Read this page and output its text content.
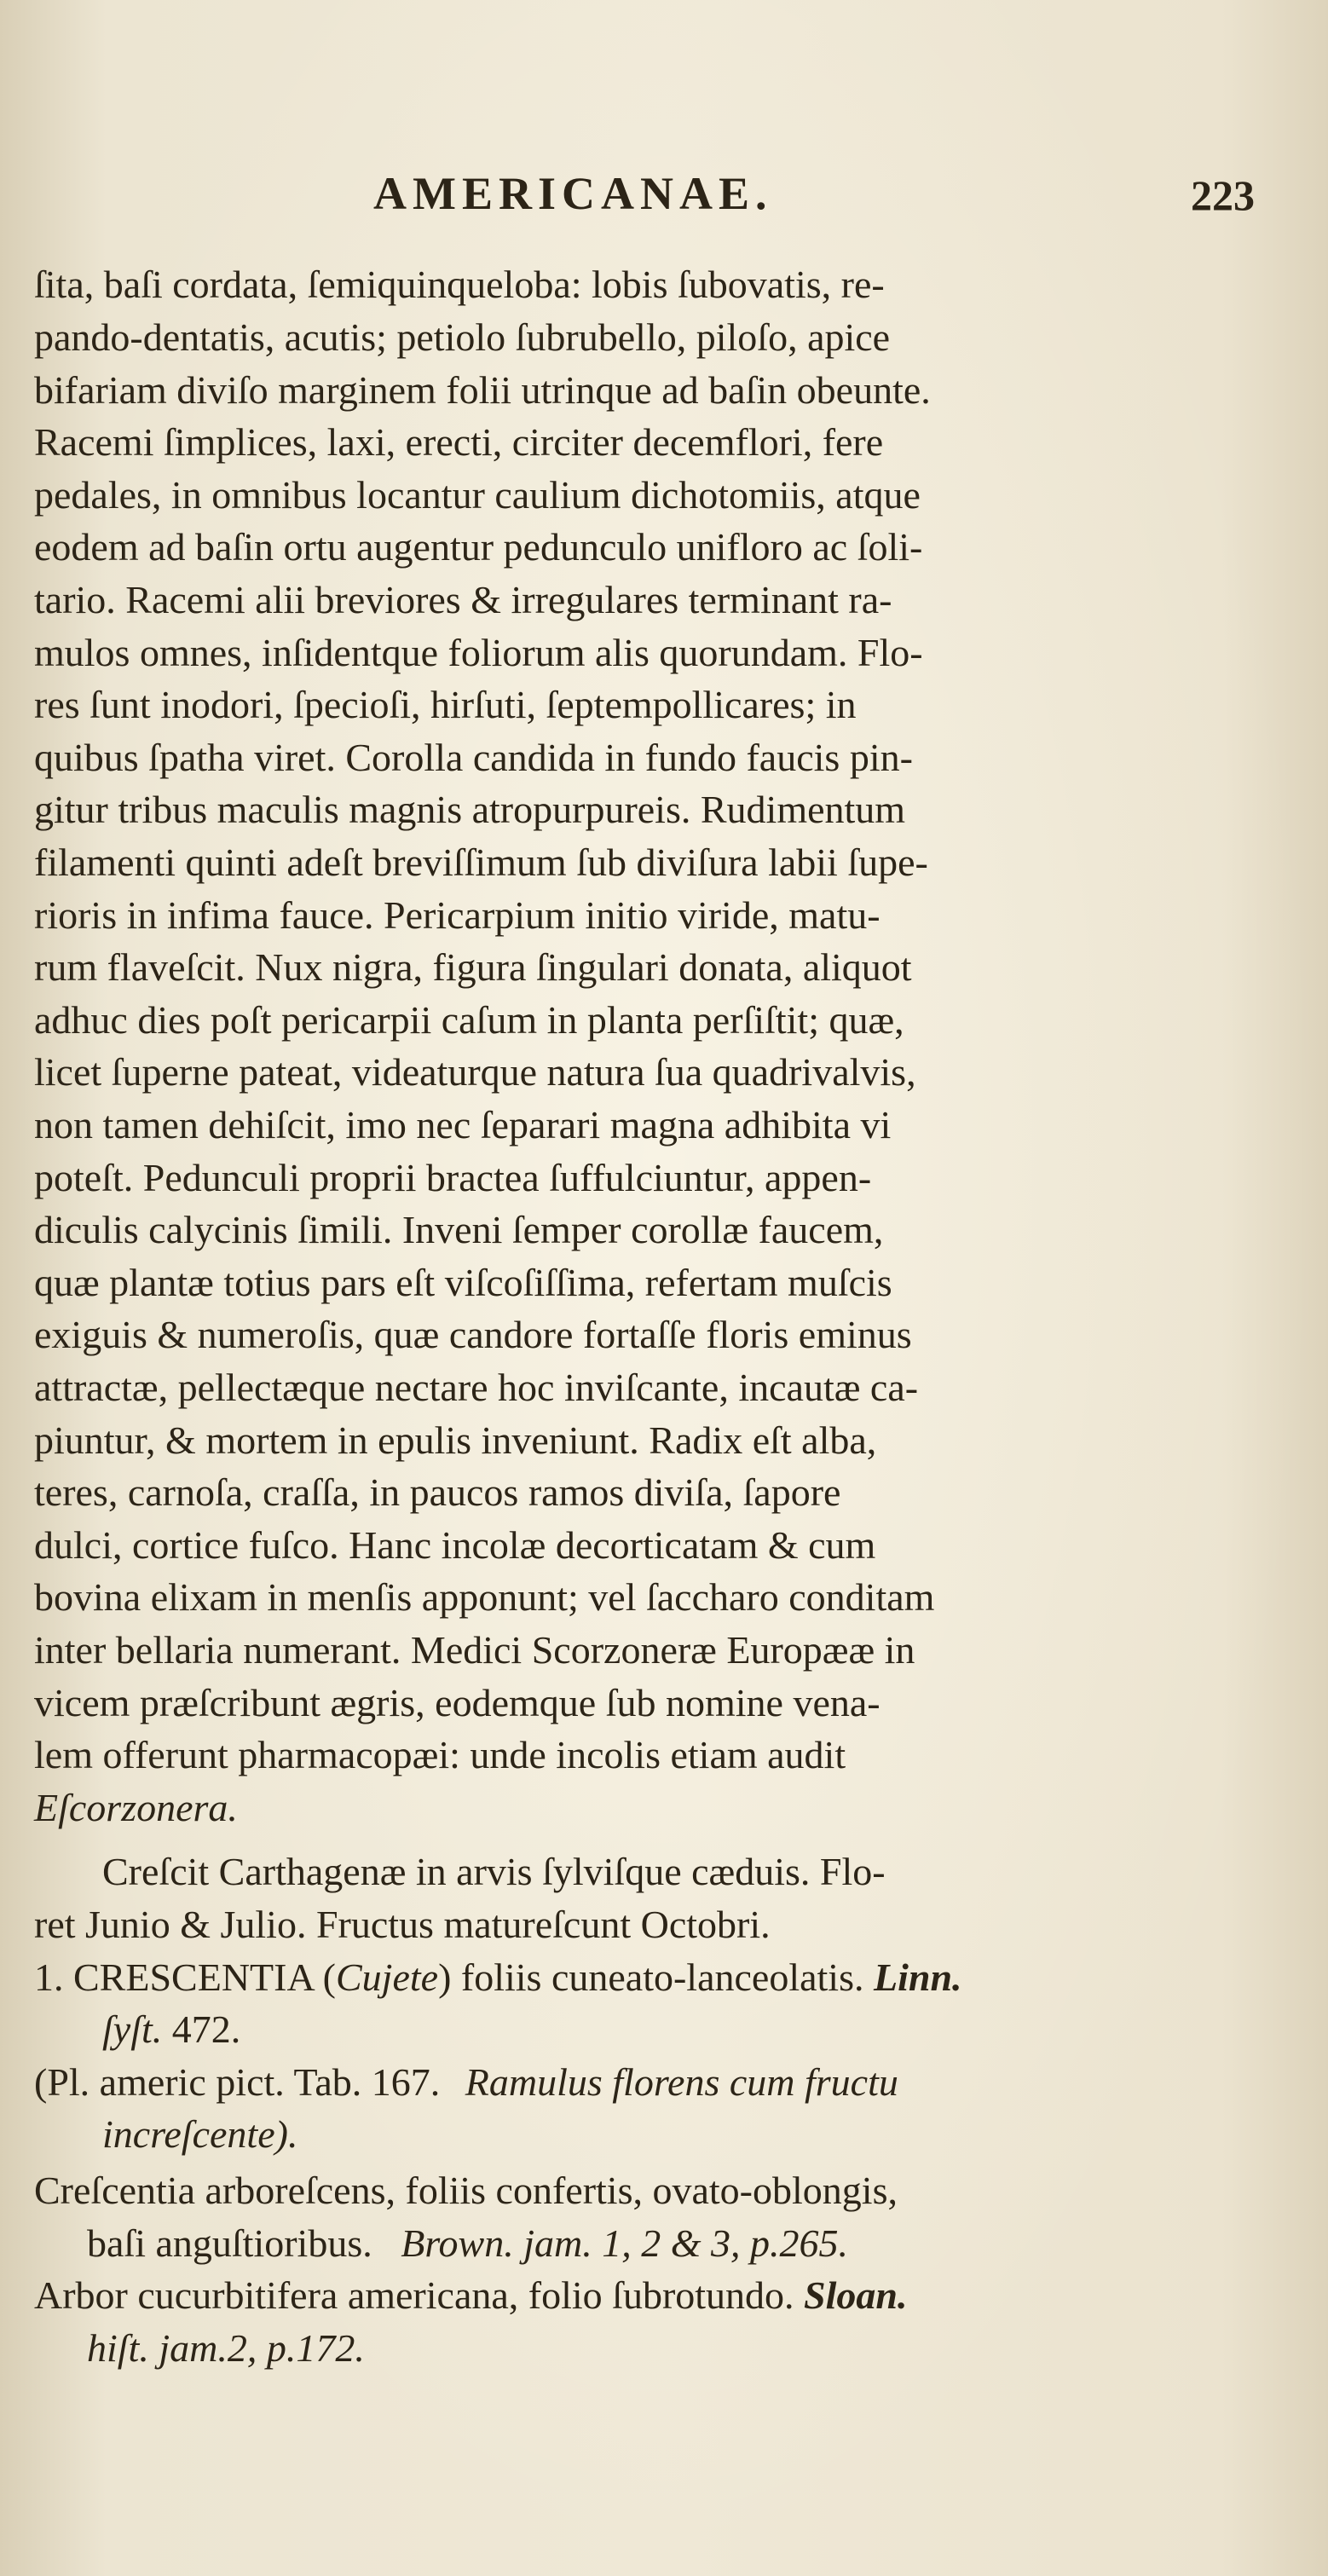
AMERICANAE.	223
ſita, baſi cordata, ſemiquinqueloba: lobis ſubovatis, re-
pando-dentatis, acutis; petiolo ſubrubello, piloſo, apice
bifariam diviſo marginem folii utrinque ad baſin obeunte.
Racemi ſimplices, laxi, erecti, circiter decemflori, fere
pedales, in omnibus locantur caulium dichotomiis, atque
eodem ad baſin ortu augentur pedunculo unifloro ac ſoli-
tario. Racemi alii breviores & irregulares terminant ra-
mulos omnes, inſidentque foliorum alis quorundam. Flo-
res ſunt inodori, ſpecioſi, hirſuti, ſeptempollicares; in
quibus ſpatha viret. Corolla candida in fundo faucis pin-
gitur tribus maculis magnis atropurpureis. Rudimentum
filamenti quinti adeſt breviſſimum ſub diviſura labii ſupe-
rioris in infima fauce. Pericarpium initio viride, matu-
rum flaveſcit. Nux nigra, figura ſingulari donata, aliquot
adhuc dies poſt pericarpii caſum in planta perſiſtit; quæ,
licet ſuperne pateat, videaturque natura ſua quadrivalvis,
non tamen dehiſcit, imo nec ſeparari magna adhibita vi
poteſt. Pedunculi proprii bractea ſuffulciuntur, appen-
diculis calycinis ſimili. Inveni ſemper corollæ faucem,
quæ plantæ totius pars eſt viſcoſiſſima, refertam muſcis
exiguis & numeroſis, quæ candore fortaſſe floris eminus
attractæ, pellectæque nectare hoc inviſcante, incautæ ca-
piuntur, & mortem in epulis inveniunt. Radix eſt alba,
teres, carnoſa, craſſa, in paucos ramos diviſa, ſapore
dulci, cortice fuſco. Hanc incolæ decorticatam & cum
bovina elixam in menſis apponunt; vel ſaccharo conditam
inter bellaria numerant. Medici Scorzoneræ Europææ in
vicem præſcribunt ægris, eodemque ſub nomine vena-
lem offerunt pharmacopæi: unde incolis etiam audit
Eſcorzonera.
Creſcit Carthagenæ in arvis ſylviſque cæduis. Flo-
ret Junio & Julio. Fructus matureſcunt Octobri.
1. CRESCENTIA (Cujete) foliis cuneato-lanceolatis. Linn.
ſyſt. 472.
(Pl. americ pict. Tab. 167. Ramulus florens cum fructu
increſcente).
Creſcentia arboreſcens, foliis confertis, ovato-oblongis,
baſi anguſtioribus. Brown. jam. 1, 2 & 3, p.265.
Arbor cucurbitifera americana, folio ſubrotundo. Sloan.
hiſt. jam.2, p.172.
